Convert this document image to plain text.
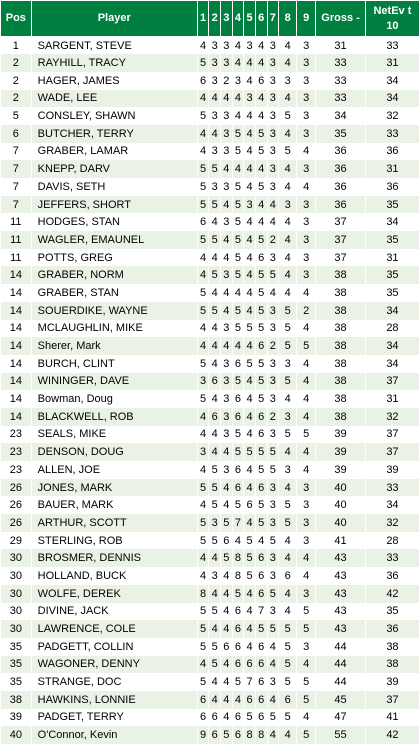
Pos	Player	1	2	3	4	5	6	7	8	9	Gross -	NetEv t 10
1	SARGENT, STEVE	4	3	3	4	3	4	3	4	3	31	33
2	RAYHILL, TRACY	5	3	3	4	4	4	3	4	3	33	31
2	HAGER, JAMES	6	3	2	3	4	6	3	3	3	33	34
2	WADE, LEE	4	4	4	4	3	4	3	4	3	33	34
5	CONSLEY, SHAWN	5	3	3	4	4	4	3	5	3	34	32
6	BUTCHER, TERRY	4	4	3	5	4	5	3	4	3	35	33
7	GRABER, LAMAR	4	3	3	5	4	5	3	5	4	36	36
7	KNEPP, DARV	5	5	4	4	4	4	3	4	3	36	31
7	DAVIS, SETH	5	3	3	5	4	5	3	4	4	36	36
7	JEFFERS, SHORT	5	5	4	5	3	4	4	3	3	36	35
11	HODGES, STAN	6	4	3	5	4	4	4	4	3	37	34
11	WAGLER, EMAUNEL	5	5	4	5	4	5	2	4	3	37	35
11	POTTS, GREG	4	4	4	5	4	6	3	4	3	37	31
14	GRABER, NORM	4	5	3	5	4	5	5	4	3	38	35
14	GRABER, STAN	5	4	4	4	4	5	4	4	4	38	35
14	SOUERDIKE, WAYNE	5	5	4	5	4	5	3	5	2	38	34
14	MCLAUGHLIN, MIKE	4	4	3	5	5	5	3	5	4	38	28
14	Sherer, Mark	4	4	4	4	4	6	2	5	5	38	34
14	BURCH, CLINT	5	4	3	6	5	5	3	3	4	38	34
14	WININGER, DAVE	3	6	3	5	4	5	3	5	4	38	37
14	Bowman, Doug	5	4	3	6	4	5	3	4	4	38	31
14	BLACKWELL, ROB	4	6	3	6	4	6	2	3	4	38	32
23	SEALS, MIKE	4	4	3	5	4	6	3	5	5	39	37
23	DENSON, DOUG	3	4	4	5	5	5	5	4	4	39	37
23	ALLEN, JOE	4	5	3	6	4	5	5	3	4	39	39
26	JONES, MARK	5	5	4	6	4	6	3	4	3	40	33
26	BAUER, MARK	4	5	4	5	6	5	3	5	3	40	34
26	ARTHUR, SCOTT	5	3	5	7	4	5	3	5	3	40	32
29	STERLING, ROB	5	5	6	4	5	4	5	4	3	41	28
30	BROSMER, DENNIS	4	4	5	8	5	6	3	4	4	43	33
30	HOLLAND, BUCK	4	3	4	8	5	6	3	6	4	43	36
30	WOLFE, DEREK	8	4	4	5	4	6	5	4	3	43	42
30	DIVINE, JACK	5	5	4	6	4	7	3	4	5	43	35
30	LAWRENCE, COLE	5	4	4	6	4	5	5	5	5	43	36
35	PADGETT, COLLIN	5	5	6	6	4	6	4	5	3	44	38
35	WAGONER, DENNY	4	5	4	6	6	6	4	5	4	44	38
35	STRANGE, DOC	5	4	4	5	7	6	3	5	5	44	39
38	HAWKINS, LONNIE	6	4	4	4	6	6	4	6	5	45	37
39	PADGET, TERRY	6	6	4	6	5	6	5	5	4	47	41
40	O'Connor, Kevin	9	6	5	6	8	8	4	4	5	55	42
